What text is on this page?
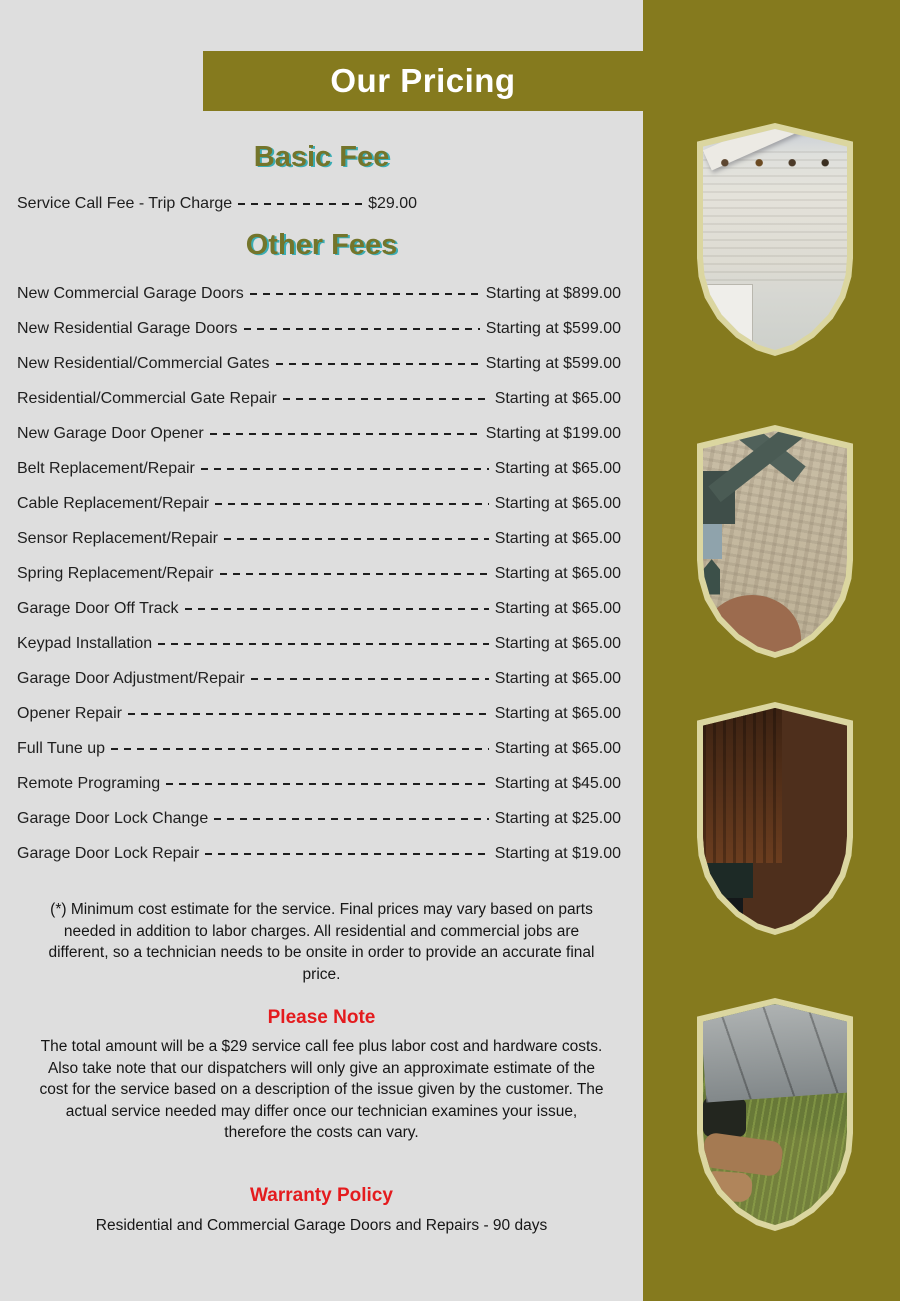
Our Pricing
Basic Fee
Service Call Fee - Trip Charge	$29.00
Other Fees
New Commercial Garage Doors	Starting at $899.00
New Residential Garage Doors	Starting at $599.00
New Residential/Commercial Gates	Starting at $599.00
Residential/Commercial Gate Repair	Starting at $65.00
New Garage Door Opener	Starting at $199.00
Belt Replacement/Repair	Starting at $65.00
Cable Replacement/Repair	Starting at $65.00
Sensor Replacement/Repair	Starting at $65.00
Spring Replacement/Repair	Starting at $65.00
Garage Door Off Track	Starting at $65.00
Keypad Installation	Starting at $65.00
Garage Door Adjustment/Repair	Starting at $65.00
Opener Repair	Starting at $65.00
Full Tune up	Starting at $65.00
Remote Programing	Starting at $45.00
Garage Door Lock Change	Starting at $25.00
Garage Door Lock Repair	Starting at $19.00

(*) Minimum cost estimate for the service. Final prices may vary based on parts needed in addition to labor charges. All residential and commercial jobs are different, so a technician needs to be onsite in order to provide an accurate final price.

Please Note

The total amount will be a $29 service call fee plus labor cost and hardware costs. Also take note that our dispatchers will only give an approximate estimate of the cost for the service based on a description of the issue given by the customer. The actual service needed may differ once our technician examines your issue, therefore the costs can vary.

Warranty Policy

Residential and Commercial Garage Doors and Repairs - 90 days
